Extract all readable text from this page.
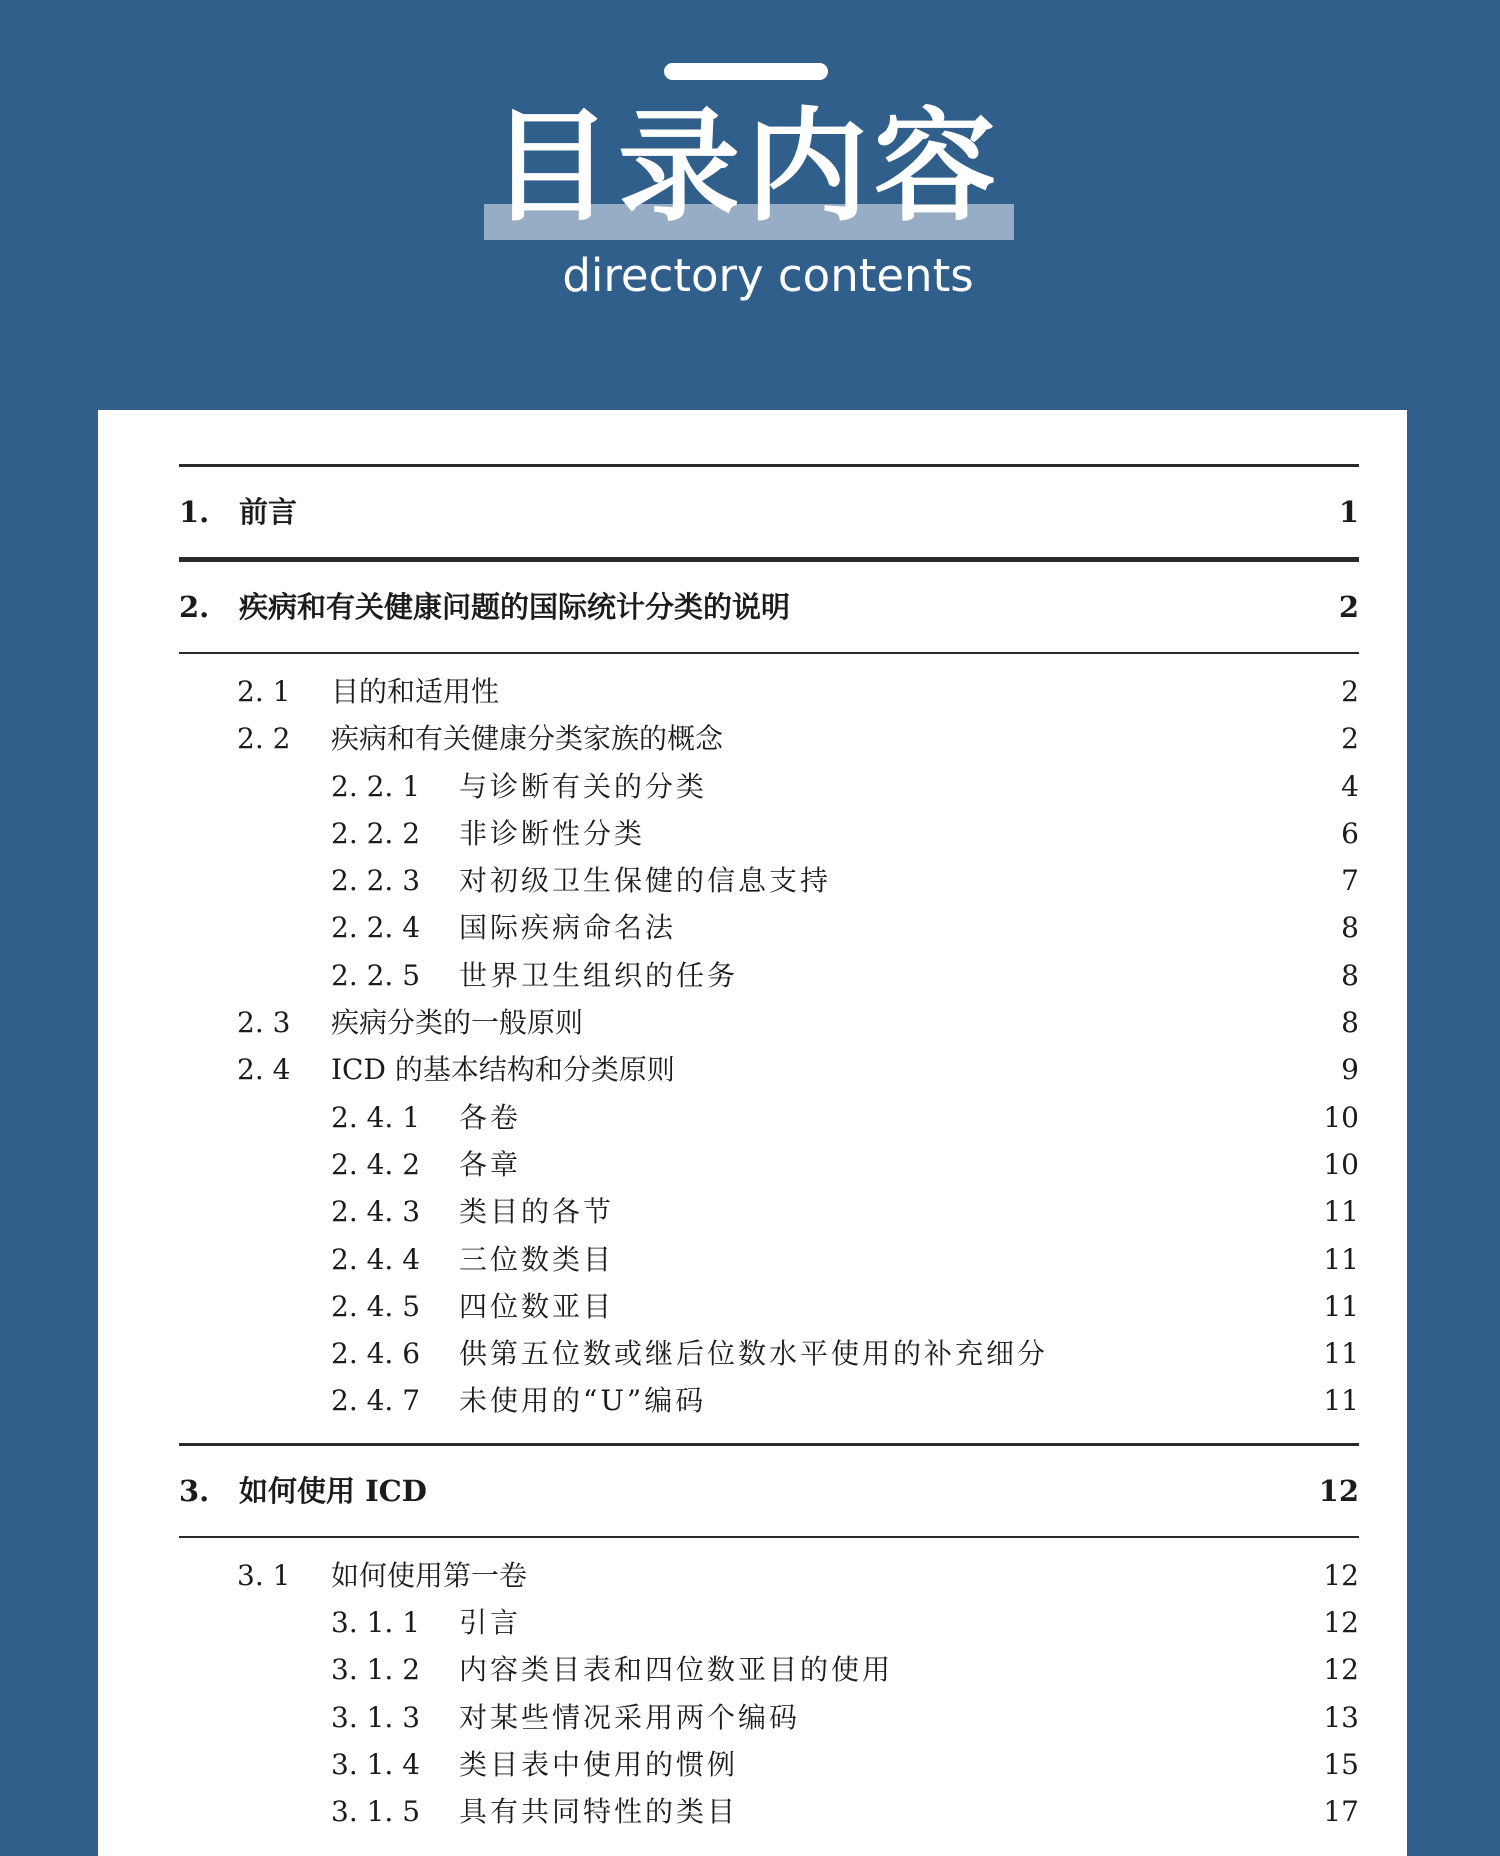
目录内容
directory contents
1. 前言	1
2. 疾病和有关健康问题的国际统计分类的说明	2
2. 1 目的和适用性	2
2. 2 疾病和有关健康分类家族的概念	2
2. 2. 1 与诊断有关的分类	4
2. 2. 2 非诊断性分类	6
2. 2. 3 对初级卫生保健的信息支持	7
2. 2. 4 国际疾病命名法	8
2. 2. 5 世界卫生组织的任务	8
2. 3 疾病分类的一般原则	8
2. 4 ICD 的基本结构和分类原则	9
2. 4. 1 各卷	10
2. 4. 2 各章	10
2. 4. 3 类目的各节	11
2. 4. 4 三位数类目	11
2. 4. 5 四位数亚目	11
2. 4. 6 供第五位数或继后位数水平使用的补充细分	11
2. 4. 7 未使用的“U”编码	11
3. 如何使用 ICD	12
3. 1 如何使用第一卷	12
3. 1. 1 引言	12
3. 1. 2 内容类目表和四位数亚目的使用	12
3. 1. 3 对某些情况采用两个编码	13
3. 1. 4 类目表中使用的惯例	15
3. 1. 5 具有共同特性的类目	17
